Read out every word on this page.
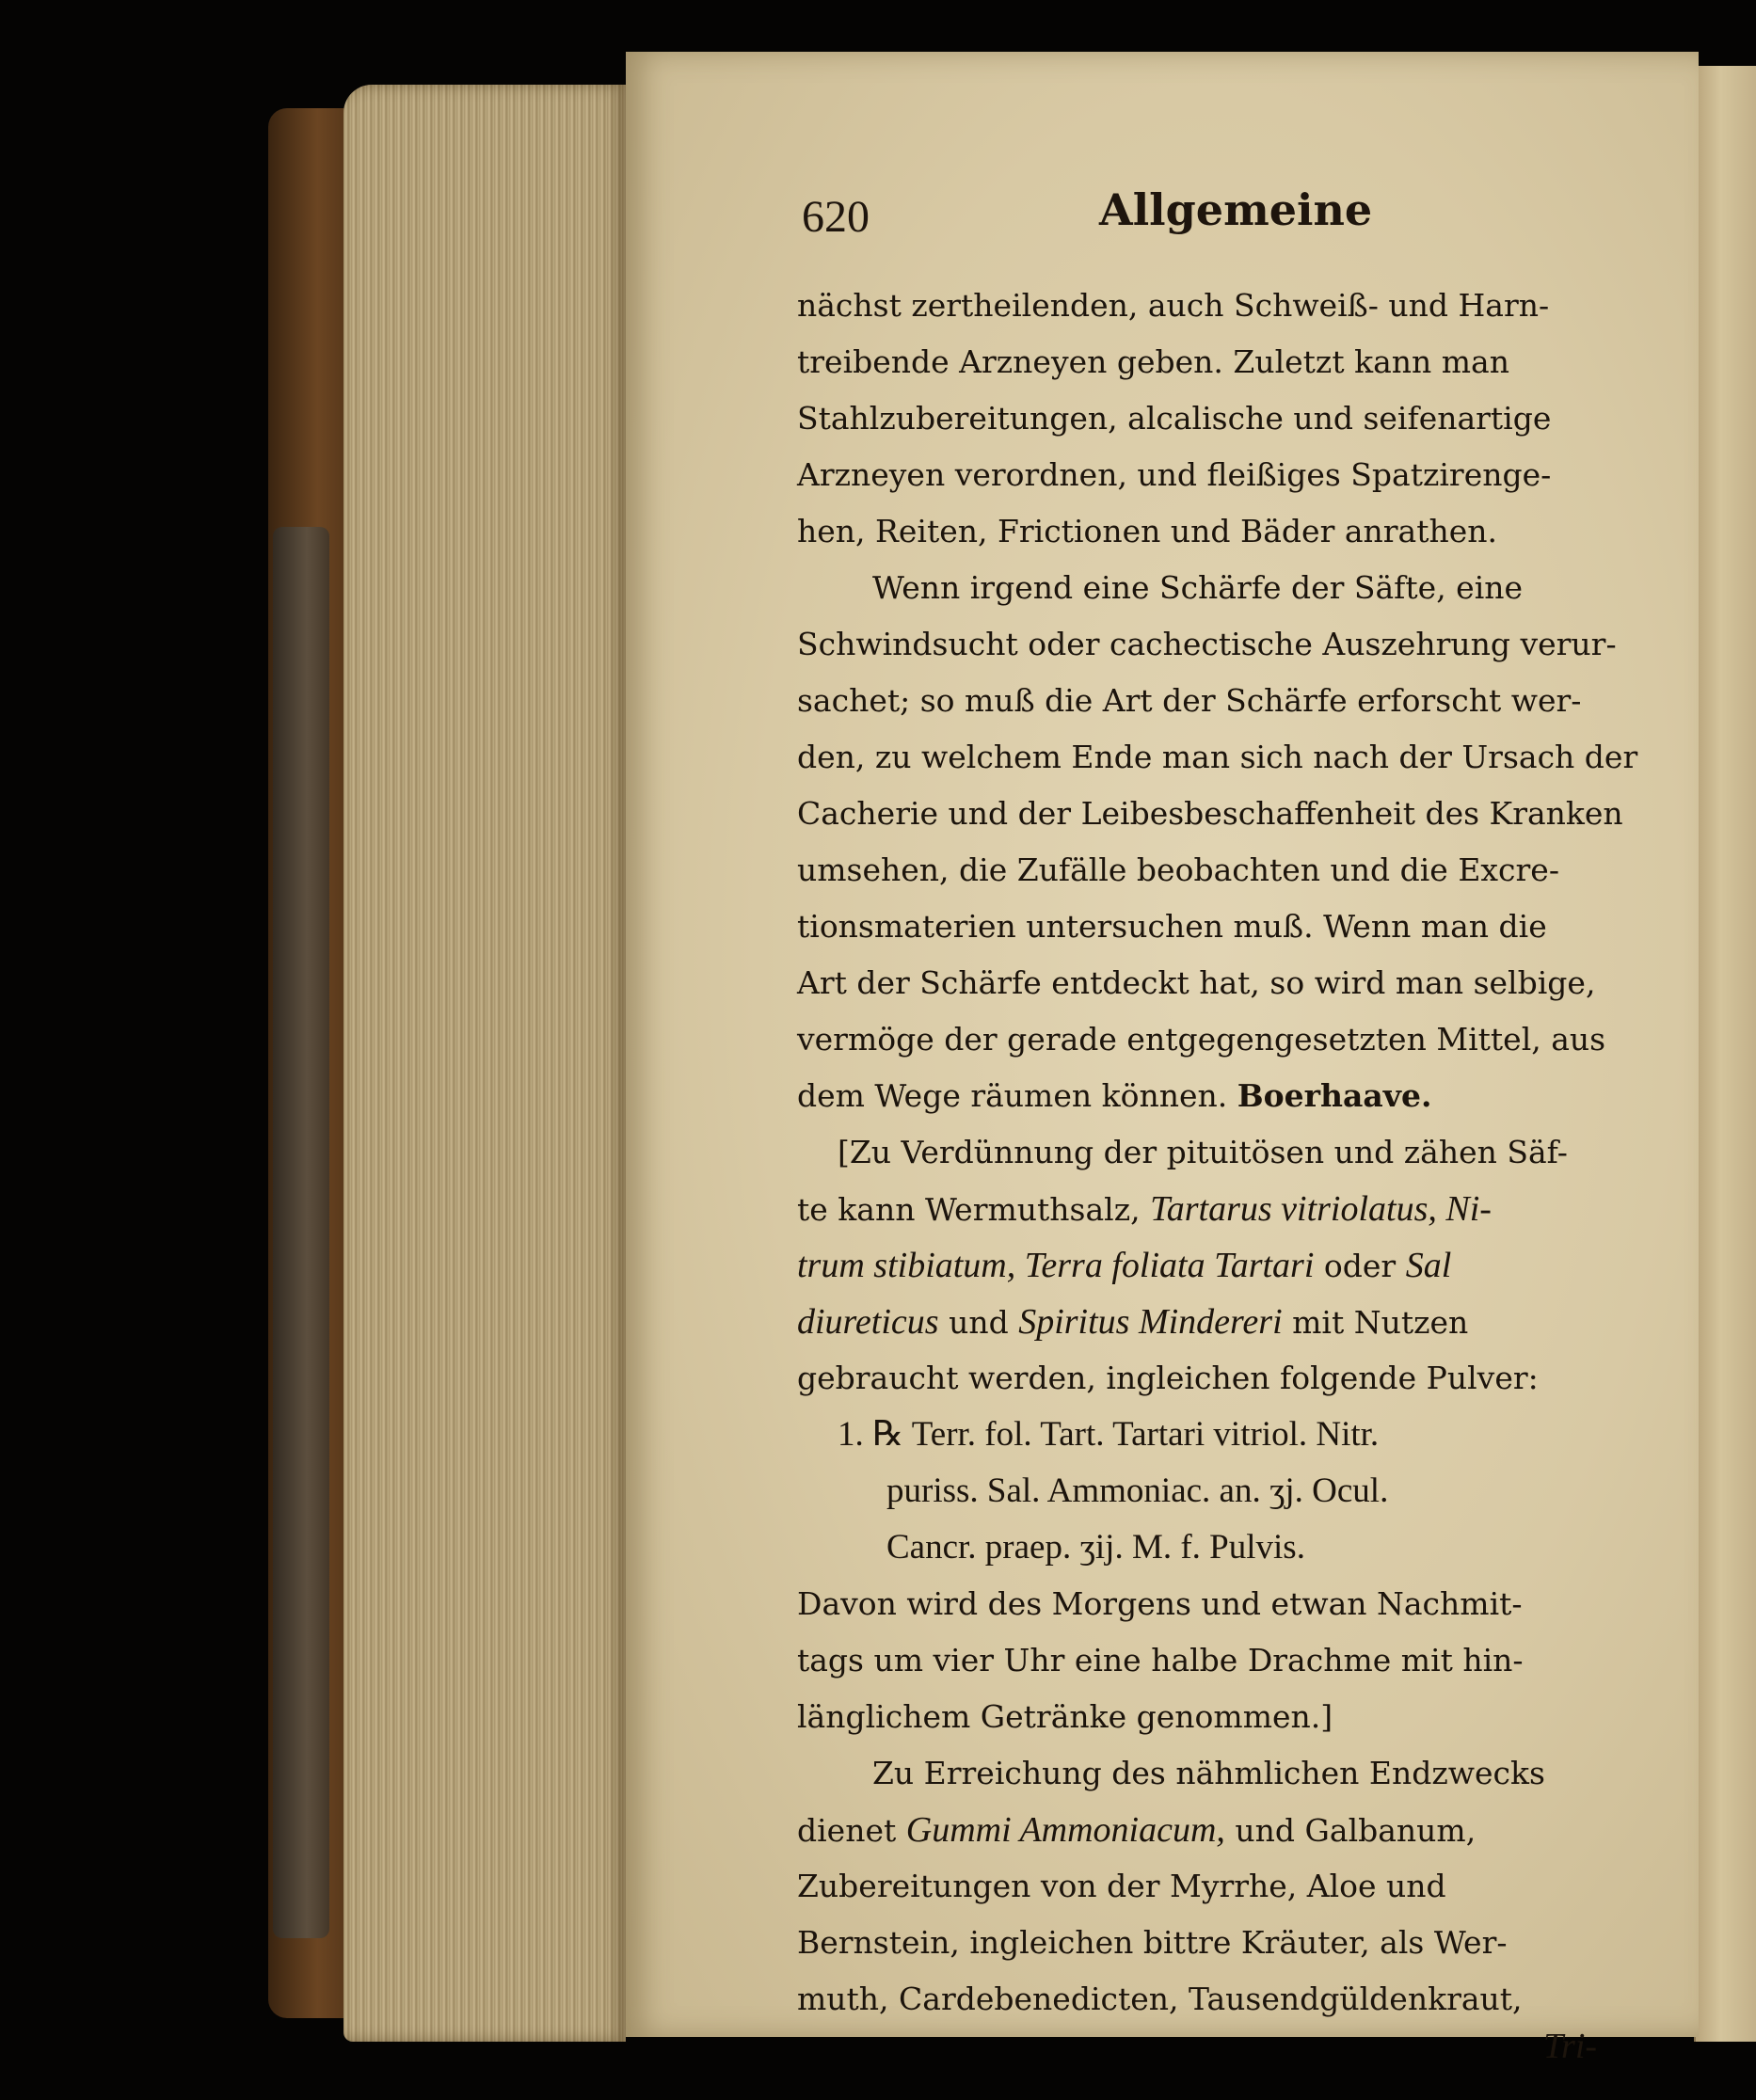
620	Allgemeine
nächst zertheilenden, auch Schweiß- und Harn-
treibende Arzneyen geben. Zuletzt kann man
Stahlzubereitungen, alcalische und seifenartige
Arzneyen verordnen, und fleißiges Spatzirenge-
hen, Reiten, Frictionen und Bäder anrathen.
Wenn irgend eine Schärfe der Säfte, eine
Schwindsucht oder cachectische Auszehrung verur-
sachet; so muß die Art der Schärfe erforscht wer-
den, zu welchem Ende man sich nach der Ursach der
Cacherie und der Leibesbeschaffenheit des Kranken
umsehen, die Zufälle beobachten und die Excre-
tionsmaterien untersuchen muß. Wenn man die
Art der Schärfe entdeckt hat, so wird man selbige,
vermöge der gerade entgegengesetzten Mittel, aus
dem Wege räumen können. Boerhaave.
[Zu Verdünnung der pituitösen und zähen Säf-
te kann Wermuthsalz, Tartarus vitriolatus, Ni-
trum stibiatum, Terra foliata Tartari oder Sal
diureticus und Spiritus Mindereri mit Nutzen
gebraucht werden, ingleichen folgende Pulver:
1. ℞ Terr. fol. Tart. Tartari vitriol. Nitr.
puriss. Sal. Ammoniac. an. ʒj. Ocul.
Cancr. praep. ʒij. M. f. Pulvis.
Davon wird des Morgens und etwan Nachmit-
tags um vier Uhr eine halbe Drachme mit hin-
länglichem Getränke genommen.]
Zu Erreichung des nähmlichen Endzwecks
dienet Gummi Ammoniacum, und Galbanum,
Zubereitungen von der Myrrhe, Aloe und
Bernstein, ingleichen bittre Kräuter, als Wer-
muth, Cardebenedicten, Tausendgüldenkraut,
Tri-
